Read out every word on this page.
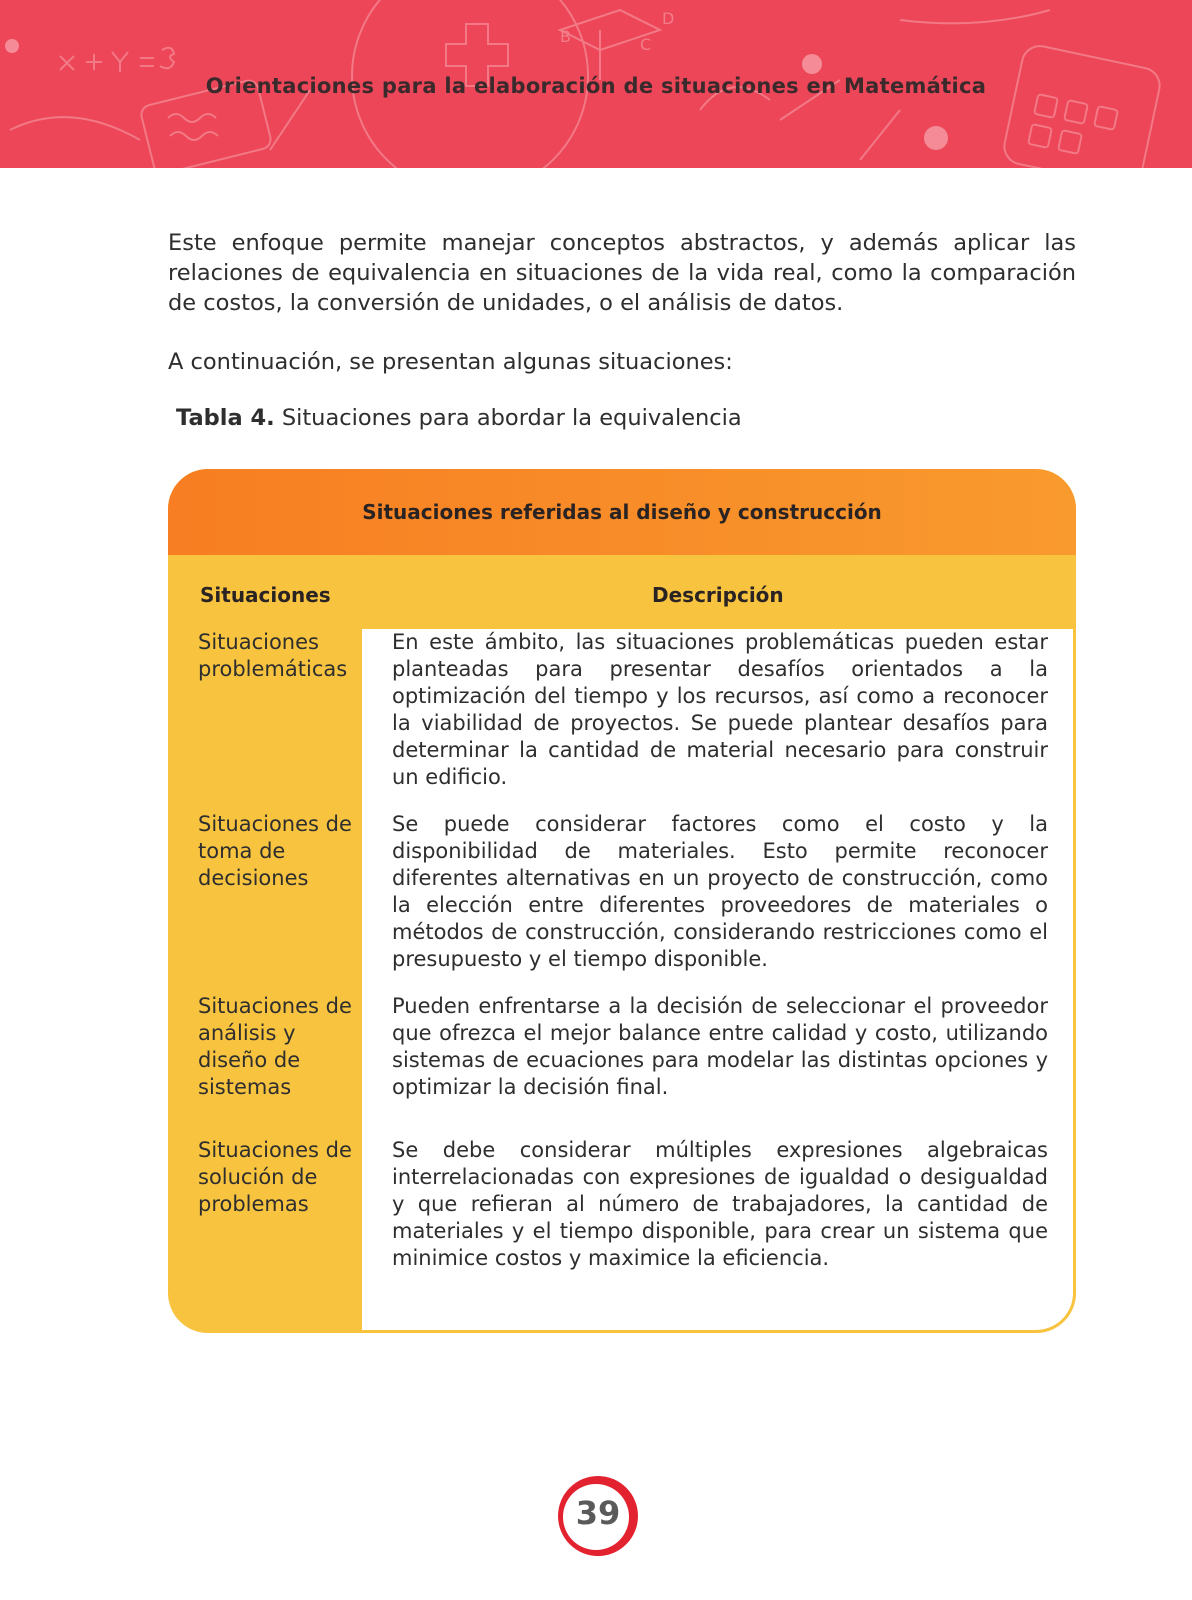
B	C
D
Orientaciones para la elaboración de situaciones en Matemática
Este enfoque permite manejar conceptos abstractos, y además aplicar las relaciones de equivalencia en situaciones de la vida real, como la comparación de costos, la conversión de unidades, o el análisis de datos.
A continuación, se presentan algunas situaciones:
Tabla 4. Situaciones para abordar la equivalencia
Situaciones referidas al diseño y construcción
Situaciones	Descripción
Situaciones problemáticas
En este ámbito, las situaciones problemáticas pueden estar planteadas para presentar desafíos orientados a la optimización del tiempo y los recursos, así como a reconocer la viabilidad de proyectos. Se puede plantear desafíos para determinar la cantidad de material necesario para construir un edificio.
Situaciones de toma de decisiones
Se puede considerar factores como el costo y la disponibilidad de materiales. Esto permite reconocer diferentes alternativas en un proyecto de construcción, como la elección entre diferentes proveedores de materiales o métodos de construcción, considerando restricciones como el presupuesto y el tiempo disponible.
Situaciones de análisis y diseño de sistemas
Pueden enfrentarse a la decisión de seleccionar el proveedor que ofrezca el mejor balance entre calidad y costo, utilizando sistemas de ecuaciones para modelar las distintas opciones y optimizar la decisión final.
Situaciones de solución de problemas
Se debe considerar múltiples expresiones algebraicas interrelacionadas con expresiones de igualdad o desigualdad y que refieran al número de trabajadores, la cantidad de materiales y el tiempo disponible, para crear un sistema que minimice costos y maximice la eficiencia.
39
